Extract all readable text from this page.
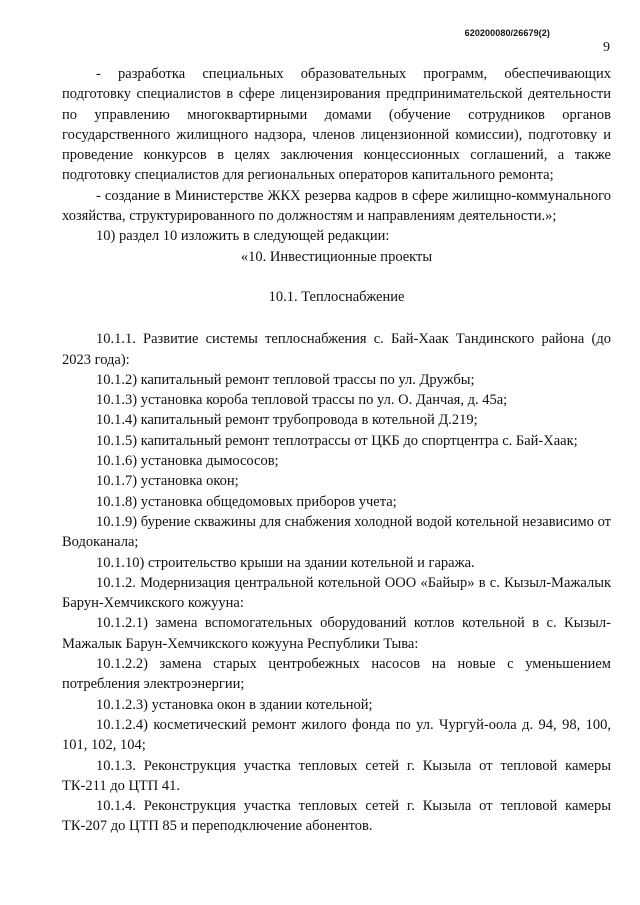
620200080/26679(2)
9

- разработка специальных образовательных программ, обеспечивающих подготовку специалистов в сфере лицензирования предпринимательской деятельности по управлению многоквартирными домами (обучение сотрудников органов государственного жилищного надзора, членов лицензионной комиссии), подготовку и проведение конкурсов в целях заключения концессионных соглашений, а также подготовку специалистов для региональных операторов капитального ремонта;

- создание в Министерстве ЖКХ резерва кадров в сфере жилищно-коммунального хозяйства, структурированного по должностям и направлениям деятельности.»;

10) раздел 10 изложить в следующей редакции:

«10. Инвестиционные проекты

10.1. Теплоснабжение

10.1.1. Развитие системы теплоснабжения с. Бай-Хаак Тандинского района (до 2023 года):

10.1.2) капитальный ремонт тепловой трассы по ул. Дружбы;

10.1.3) установка короба тепловой трассы по ул. О. Данчая, д. 45а;

10.1.4) капитальный ремонт трубопровода в котельной Д.219;

10.1.5) капитальный ремонт теплотрассы от ЦКБ до спортцентра с. Бай-Хаак;

10.1.6) установка дымососов;

10.1.7) установка окон;

10.1.8) установка общедомовых приборов учета;

10.1.9) бурение скважины для снабжения холодной водой котельной независимо от Водоканала;

10.1.10) строительство крыши на здании котельной и гаража.

10.1.2. Модернизация центральной котельной ООО «Байыр» в с. Кызыл-Мажалык Барун-Хемчикского кожууна:

10.1.2.1) замена вспомогательных оборудований котлов котельной в с. Кызыл-Мажалык Барун-Хемчикского кожууна Республики Тыва:

10.1.2.2) замена старых центробежных насосов на новые с уменьшением потребления электроэнергии;

10.1.2.3) установка окон в здании котельной;

10.1.2.4) косметический ремонт жилого фонда по ул. Чургуй-оола д. 94, 98, 100, 101, 102, 104;

10.1.3. Реконструкция участка тепловых сетей г. Кызыла от тепловой камеры ТК-211 до ЦТП 41.

10.1.4. Реконструкция участка тепловых сетей г. Кызыла от тепловой камеры ТК-207 до ЦТП 85 и переподключение абонентов.
